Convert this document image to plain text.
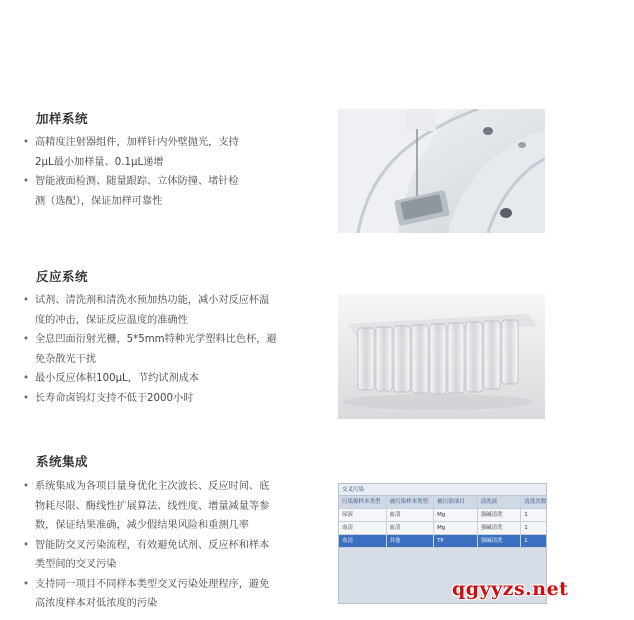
加样系统
• 高精度注射器组件，加样针内外壁抛光，支持
2μL最小加样量、0.1μL递增
• 智能液面检测、随量跟踪、立体防撞、堵针检
测（选配），保证加样可靠性
反应系统
• 试剂、清洗剂和清洗水预加热功能，减小对反应杯温
度的冲击，保证反应温度的准确性
• 全息凹面衍射光栅，5*5mm特种光学塑料比色杯，避
免杂散光干扰
• 最小反应体积100μL，节约试剂成本
• 长寿命卤钨灯支持不低于2000小时
系统集成
• 系统集成为各项目量身优化主次波长、反应时间、底
物耗尽限、酶线性扩展算法、线性度、增量减量等参
数，保证结果准确，减少假结果风险和重测几率
• 智能防交叉污染流程，有效避免试剂、反应杯和样本
类型间的交叉污染
• 支持同一项目不同样本类型交叉污染处理程序，避免
高浓度样本对低浓度的污染
交叉污染
污染源样本类型	被污染样本类型	被污染项目	清洗液	清洗次数
尿液	血清	Mg	强碱清洗	1
血清	血清	Mg	强碱清洗	1
血清	其他	TP	强碱清洗	1
qgyyzs.net
